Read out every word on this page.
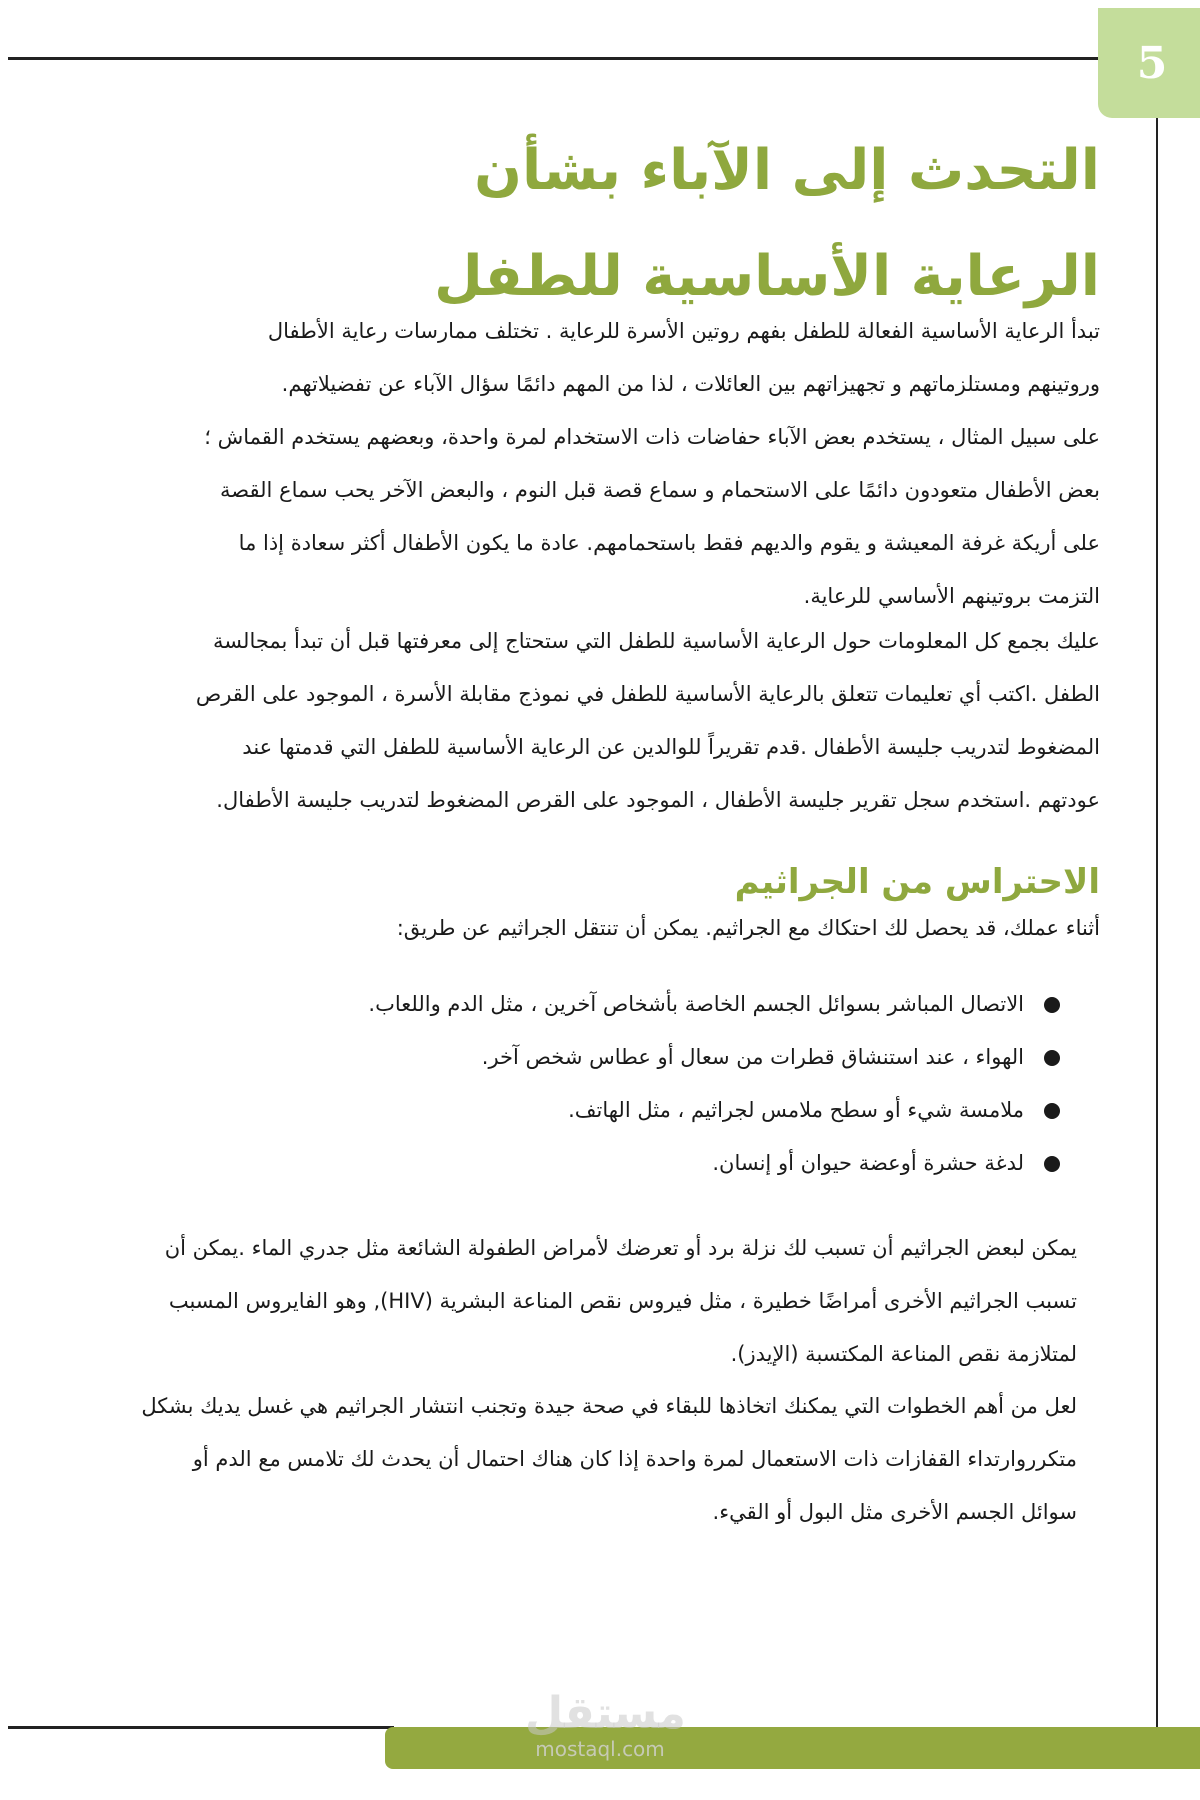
5
التحدث إلى الآباء بشأن
الرعاية الأساسية للطفل
تبدأ الرعاية الأساسية الفعالة للطفل بفهم روتين الأسرة للرعاية . تختلف ممارسات رعاية الأطفال
وروتينهم ومستلزماتهم و تجهيزاتهم بين العائلات ، لذا من المهم دائمًا سؤال الآباء عن تفضيلاتهم.
على سبيل المثال ، يستخدم بعض الآباء حفاضات ذات الاستخدام لمرة واحدة، وبعضهم يستخدم القماش ؛
بعض الأطفال متعودون دائمًا على الاستحمام و سماع قصة قبل النوم ، والبعض الآخر يحب سماع القصة
على أريكة غرفة المعيشة و يقوم والديهم فقط باستحمامهم. عادة ما يكون الأطفال أكثر سعادة إذا ما
التزمت بروتينهم الأساسي للرعاية.
عليك بجمع كل المعلومات حول الرعاية الأساسية للطفل التي ستحتاج إلى معرفتها قبل أن تبدأ بمجالسة
الطفل .اكتب أي تعليمات تتعلق بالرعاية الأساسية للطفل في نموذج مقابلة الأسرة ، الموجود على القرص
المضغوط لتدريب جليسة الأطفال .قدم تقريراً للوالدين عن الرعاية الأساسية للطفل التي قدمتها عند
عودتهم .استخدم سجل تقرير جليسة الأطفال ، الموجود على القرص المضغوط لتدريب جليسة الأطفال.
الاحتراس من الجراثيم
أثناء عملك، قد يحصل لك احتكاك مع الجراثيم. يمكن أن تنتقل الجراثيم عن طريق:
الاتصال المباشر بسوائل الجسم الخاصة بأشخاص آخرين ، مثل الدم واللعاب.
الهواء ، عند استنشاق قطرات من سعال أو عطاس شخص آخر.
ملامسة شيء أو سطح ملامس لجراثيم ، مثل الهاتف.
لدغة حشرة أوعضة حيوان أو إنسان.
يمكن لبعض الجراثيم أن تسبب لك نزلة برد أو تعرضك لأمراض الطفولة الشائعة مثل جدري الماء .يمكن أن
تسبب الجراثيم الأخرى أمراضًا خطيرة ، مثل فيروس نقص المناعة البشرية (HIV), وهو الفايروس المسبب
لمتلازمة نقص المناعة المكتسبة (الإيدز).
لعل من أهم الخطوات التي يمكنك اتخاذها للبقاء في صحة جيدة وتجنب انتشار الجراثيم هي غسل يديك بشكل
متكرروارتداء القفازات ذات الاستعمال لمرة واحدة إذا كان هناك احتمال أن يحدث لك تلامس مع الدم أو
سوائل الجسم الأخرى مثل البول أو القيء.
مستقل
mostaql.com
